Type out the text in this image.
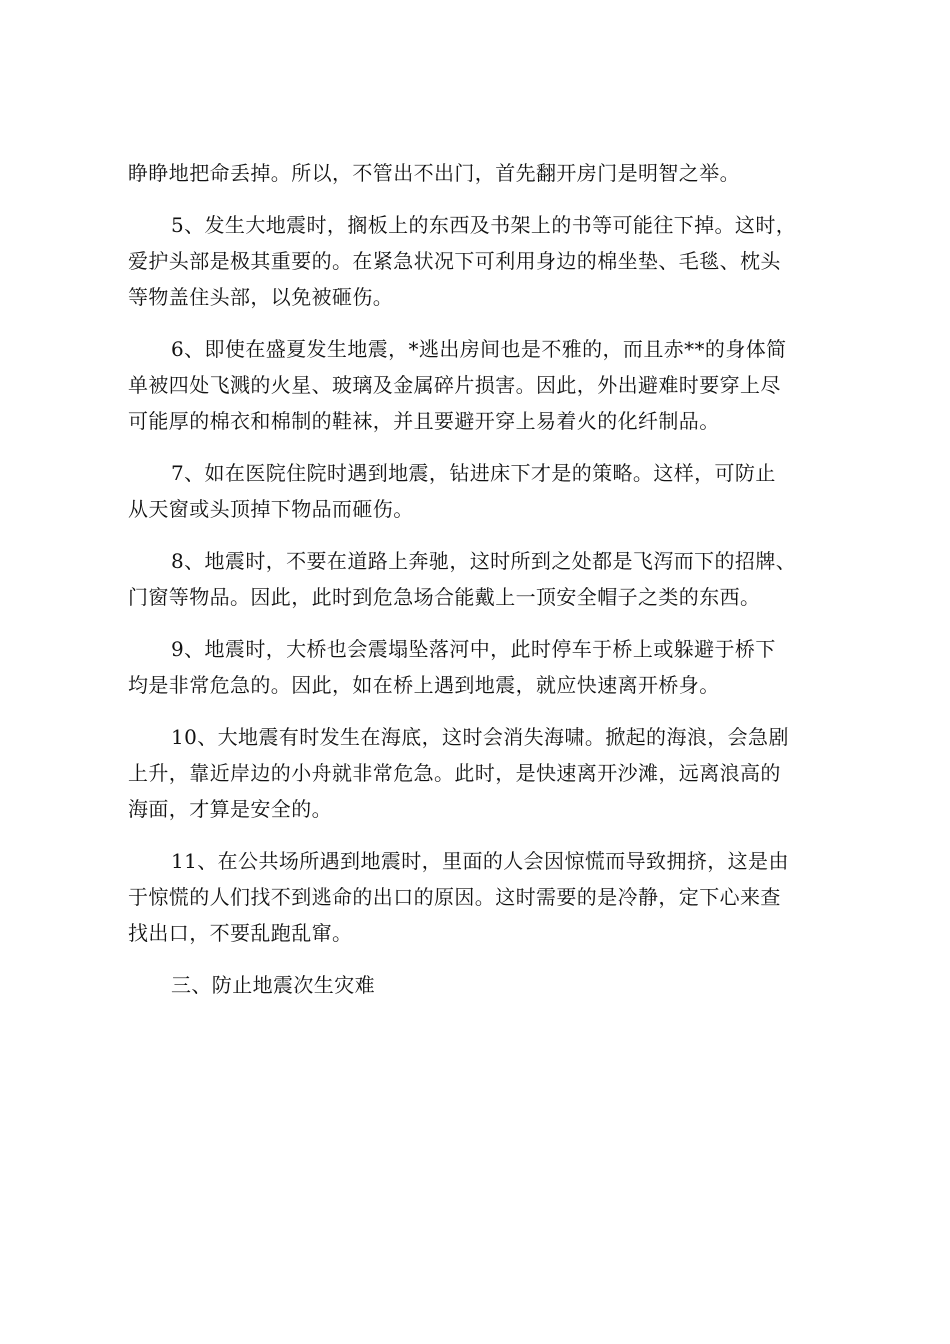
睁睁地把命丢掉。所以，不管出不出门，首先翻开房门是明智之举。
5、发生大地震时，搁板上的东西及书架上的书等可能往下掉。这时，
爱护头部是极其重要的。在紧急状况下可利用身边的棉坐垫、毛毯、枕头
等物盖住头部，以免被砸伤。
6、即使在盛夏发生地震，*逃出房间也是不雅的，而且赤**的身体简
单被四处飞溅的火星、玻璃及金属碎片损害。因此，外出避难时要穿上尽
可能厚的棉衣和棉制的鞋袜，并且要避开穿上易着火的化纤制品。
7、如在医院住院时遇到地震，钻进床下才是的策略。这样，可防止
从天窗或头顶掉下物品而砸伤。
8、地震时，不要在道路上奔驰，这时所到之处都是飞泻而下的招牌、
门窗等物品。因此，此时到危急场合能戴上一顶安全帽子之类的东西。
9、地震时，大桥也会震塌坠落河中，此时停车于桥上或躲避于桥下
均是非常危急的。因此，如在桥上遇到地震，就应快速离开桥身。
10、大地震有时发生在海底，这时会消失海啸。掀起的海浪，会急剧
上升，靠近岸边的小舟就非常危急。此时，是快速离开沙滩，远离浪高的
海面，才算是安全的。
11、在公共场所遇到地震时，里面的人会因惊慌而导致拥挤，这是由
于惊慌的人们找不到逃命的出口的原因。这时需要的是冷静，定下心来查
找出口，不要乱跑乱窜。
三、防止地震次生灾难
